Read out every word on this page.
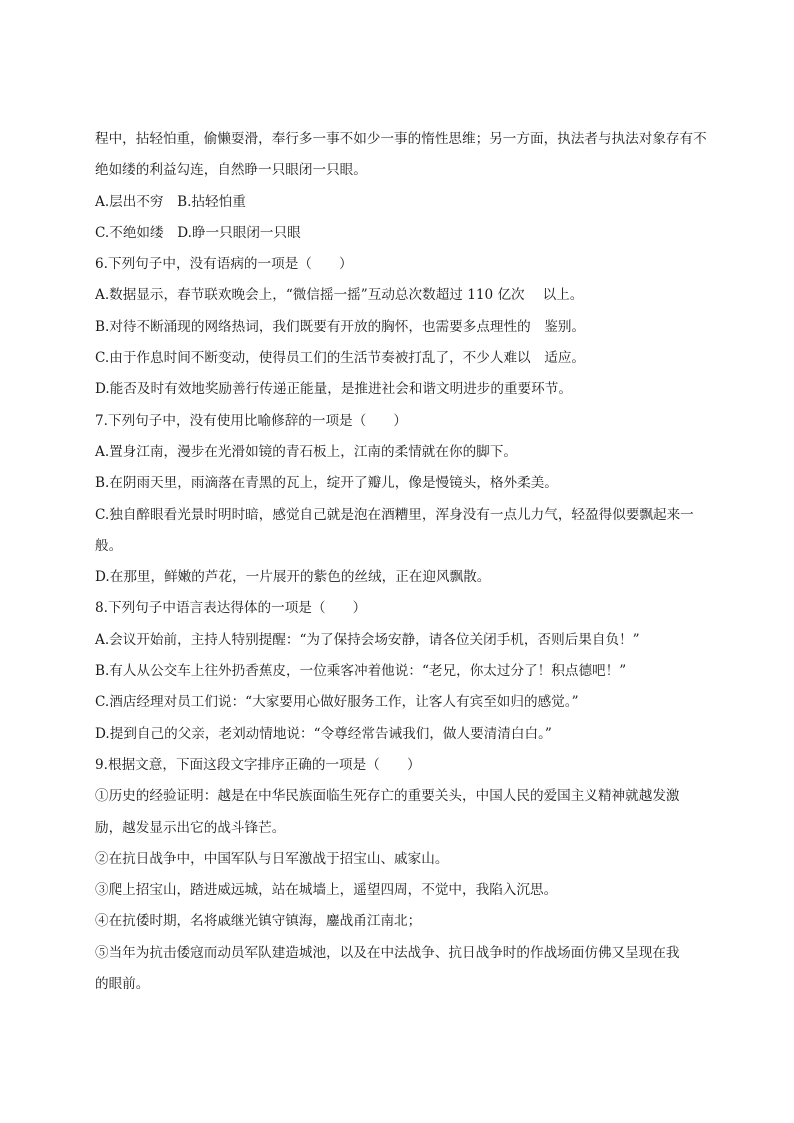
程中，拈轻怕重，偷懒耍滑，奉行多一事不如少一事的惰性思维；另一方面，执法者与执法对象存有不
绝如缕的利益勾连，自然睁一只眼闭一只眼。
A.层出不穷　B.拈轻怕重
C.不绝如缕　D.睁一只眼闭一只眼
6.下列句子中，没有语病的一项是（　　）
A.数据显示，春节联欢晚会上，“微信摇一摇”互动总次数超过 110 亿次　 以上。
B.对待不断涌现的网络热词，我们既要有开放的胸怀，也需要多点理性的　鉴别。
C.由于作息时间不断变动，使得员工们的生活节奏被打乱了，不少人难以　适应。
D.能否及时有效地奖励善行传递正能量，是推进社会和谐文明进步的重要环节。
7.下列句子中，没有使用比喻修辞的一项是（　　）
A.置身江南，漫步在光滑如镜的青石板上，江南的柔情就在你的脚下。
B.在阴雨天里，雨滴落在青黑的瓦上，绽开了瓣儿，像是慢镜头，格外柔美。
C.独自醉眼看光景时明时暗，感觉自己就是泡在酒糟里，浑身没有一点儿力气，轻盈得似要飘起来一
般。
D.在那里，鲜嫩的芦花，一片展开的紫色的丝绒，正在迎风飘散。
8.下列句子中语言表达得体的一项是（　　）
A.会议开始前，主持人特别提醒：“为了保持会场安静，请各位关闭手机，否则后果自负！”
B.有人从公交车上往外扔香蕉皮，一位乘客冲着他说：“老兄，你太过分了！积点德吧！”
C.酒店经理对员工们说：“大家要用心做好服务工作，让客人有宾至如归的感觉。”
D.提到自己的父亲，老刘动情地说：“令尊经常告诫我们，做人要清清白白。”
9.根据文意，下面这段文字排序正确的一项是（　　）
①历史的经验证明：越是在中华民族面临生死存亡的重要关头，中国人民的爱国主义精神就越发激
励，越发显示出它的战斗锋芒。
②在抗日战争中，中国军队与日军激战于招宝山、戚家山。
③爬上招宝山，踏进威远城，站在城墙上，遥望四周，不觉中，我陷入沉思。
④在抗倭时期，名将戚继光镇守镇海，鏖战甬江南北；
⑤当年为抗击倭寇而动员军队建造城池，以及在中法战争、抗日战争时的作战场面仿佛又呈现在我
的眼前。
